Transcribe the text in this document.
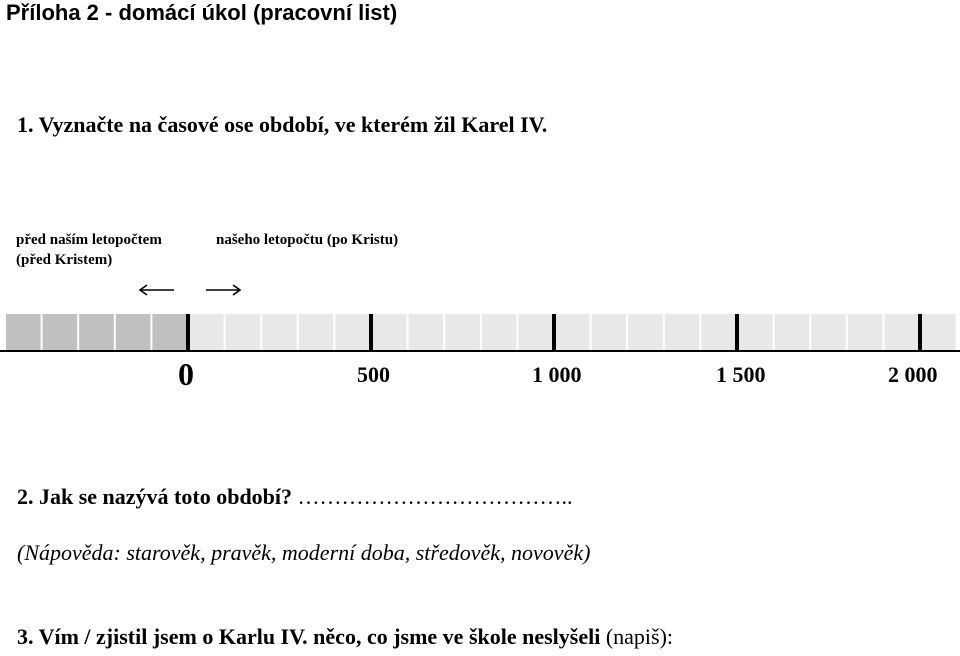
Příloha 2 - domácí úkol (pracovní list)
1. Vyznačte na časové ose období, ve kterém žil Karel IV.
před naším letopočtem
(před Kristem)
našeho letopočtu (po Kristu)
0	500	1 000	1 500	2 000
2. Jak se nazývá toto období? ………………………………..
(Nápověda: starověk, pravěk, moderní doba, středověk, novověk)
3. Vím / zjistil jsem o Karlu IV. něco, co jsme ve škole neslyšeli (napiš):
